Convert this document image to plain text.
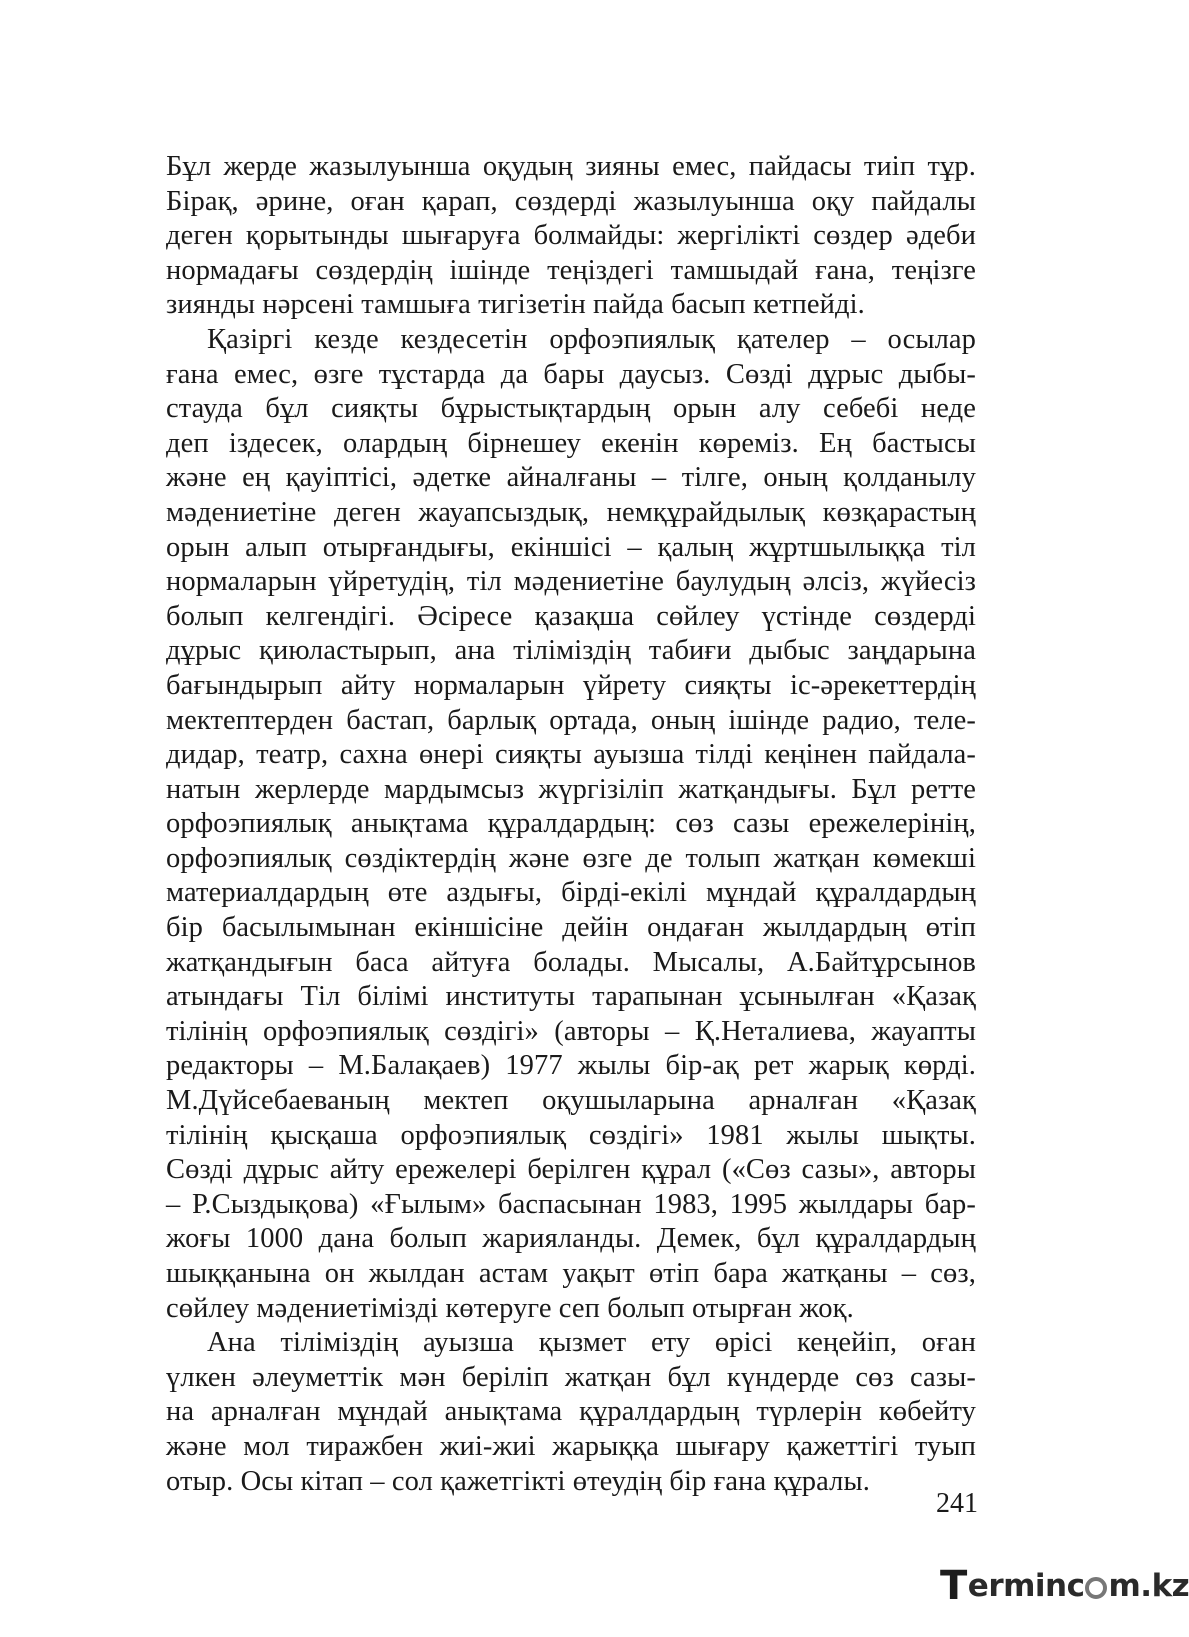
Бұл жерде жазылуынша оқудың зияны емес, пайдасы тиіп тұр.
Бірақ, әрине, оған қарап, сөздерді жазылуынша оқу пайдалы
деген қорытынды шығаруға болмайды: жергілікті сөздер әдеби
нормадағы сөздердің ішінде теңіздегі тамшыдай ғана, теңізге
зиянды нәрсені тамшыға тигізетін пайда басып кетпейді.
Қазіргі кезде кездесетін орфоэпиялық қателер – осылар
ғана емес, өзге тұстарда да бары даусыз. Сөзді дұрыс дыбы-
стауда бұл сияқты бұрыстықтардың орын алу себебі неде
деп іздесек, олардың бірнешеу екенін көреміз. Ең бастысы
және ең қауіптісі, әдетке айналғаны – тілге, оның қолданылу
мәдениетіне деген жауапсыздық, немқұрайдылық көзқарастың
орын алып отырғандығы, екіншісі – қалың жұртшылыққа тіл
нормаларын үйретудің, тіл мәдениетіне баулудың әлсіз, жүйесіз
болып келгендігі. Әсіресе қазақша сөйлеу үстінде сөздерді
дұрыс қиюластырып, ана тіліміздің табиғи дыбыс заңдарына
бағындырып айту нормаларын үйрету сияқты іс-әрекеттердің
мектептерден бастап, барлық ортада, оның ішінде радио, теле-
дидар, театр, сахна өнері сияқты ауызша тілді кеңінен пайдала-
натын жерлерде мардымсыз жүргізіліп жатқандығы. Бұл ретте
орфоэпиялық анықтама құралдардың: сөз сазы ережелерінің,
орфоэпиялық сөздіктердің және өзге де толып жатқан көмекші
материалдардың өте аздығы, бірді-екілі мұндай құралдардың
бір басылымынан екіншісіне дейін ондаған жылдардың өтіп
жатқандығын баса айтуға болады. Мысалы, А.Байтұрсынов
атындағы Тіл білімі институты тарапынан ұсынылған «Қазақ
тілінің орфоэпиялық сөздігі» (авторы – Қ.Неталиева, жауапты
редакторы – М.Балақаев) 1977 жылы бір-ақ рет жарық көрді.
М.Дүйсебаеваның мектеп оқушыларына арналған «Қазақ
тілінің қысқаша орфоэпиялық сөздігі» 1981 жылы шықты.
Сөзді дұрыс айту ережелері берілген құрал («Сөз сазы», авторы
– Р.Сыздықова) «Ғылым» баспасынан 1983, 1995 жылдары бар-
жоғы 1000 дана болып жарияланды. Демек, бұл құралдардың
шыққанына он жылдан астам уақыт өтіп бара жатқаны – сөз,
сөйлеу мәдениетімізді көтеруге сеп болып отырған жоқ.
Ана тіліміздің ауызша қызмет ету өрісі кеңейіп, оған
үлкен әлеуметтік мән беріліп жатқан бұл күндерде сөз сазы-
на арналған мұндай анықтама құралдардың түрлерін көбейту
және мол тиражбен жиі-жиі жарыққа шығару қажеттігі туып
отыр. Осы кітап – сол қажетгікті өтеудің бір ғана құралы.
241
T erminc m.kz
